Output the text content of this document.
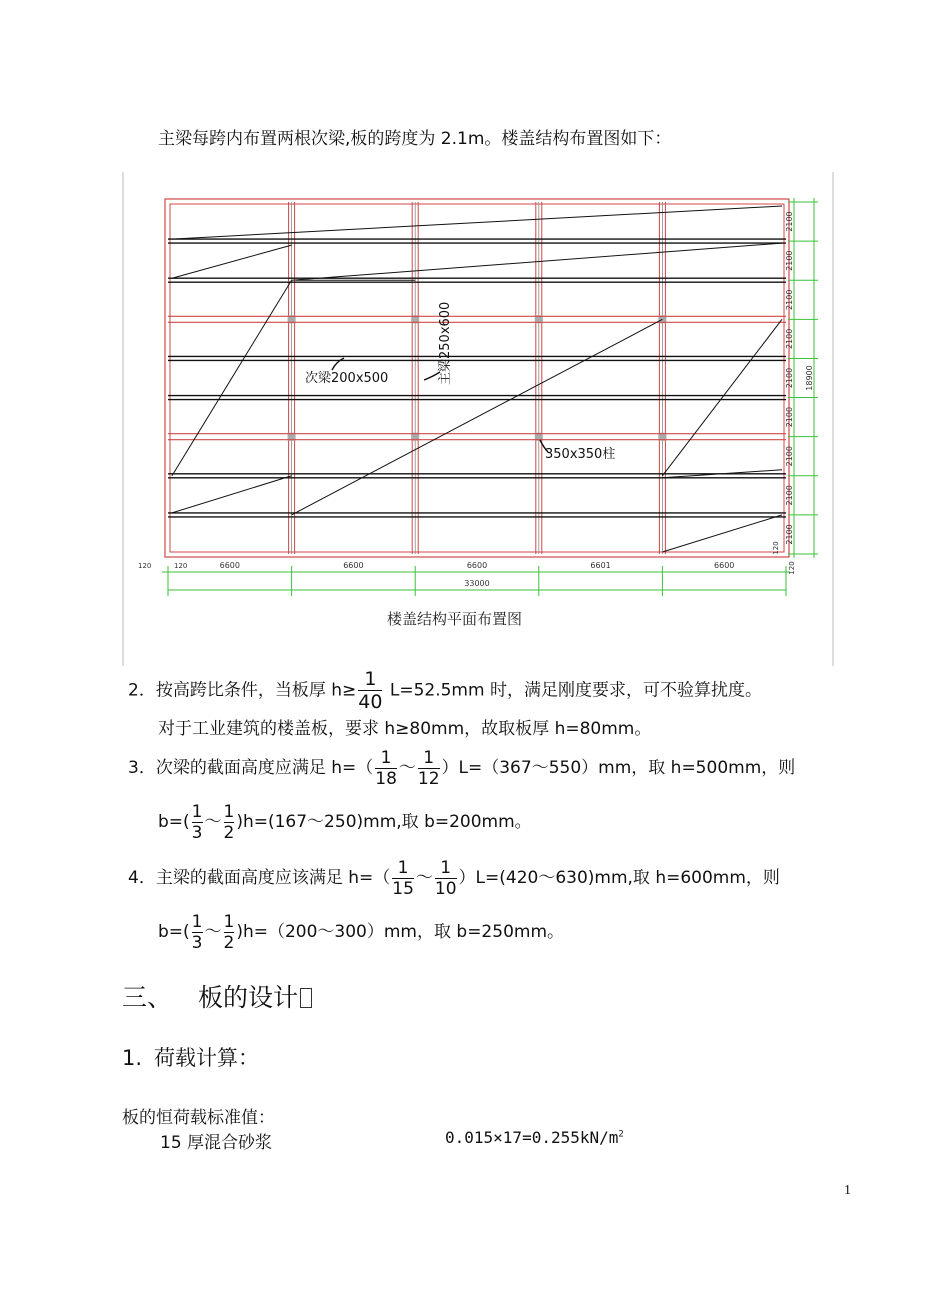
主梁每跨内布置两根次梁,板的跨度为 2.1m。楼盖结构布置图如下：
6600	6600	6600	6601	6600
33000
120	120
2100
2100
2100
2100
2100
2100
2100
2100
2100
18900
120
120
次梁200x500	主梁250x600
350x350柱
楼盖结构平面布置图
2．按高跨比条件，当板厚 $h\ge \frac{1}{40} L=52.5mm$ 时，满足刚度要求，可不验算扰度。
对于工业建筑的楼盖板，要求 h≥80mm，故取板厚 h=80mm。
3．次梁的截面高度应满足 $h=( \frac{1}{18}$ ～ $\frac{1}{12}$ ）L=（367～550）mm，取 h=500mm，则
$b=( \frac{1}{3}$ ～ $\frac{1}{2}$ )h=(167～250)mm,取 b=200mm。
4．主梁的截面高度应该满足 $h=( \frac{1}{15}$ ～ $\frac{1}{10}$ ）L=(420～630)mm,取 h=600mm，则
$b=( \frac{1}{3}$ ～ $\frac{1}{2}$ )h=（200～300）mm，取 b=250mm。
三、 板的设计
1. 荷载计算：
板的恒荷载标准值：
15 厚混合砂浆	$0.015\times 17=0.255kN/m^2$
1
